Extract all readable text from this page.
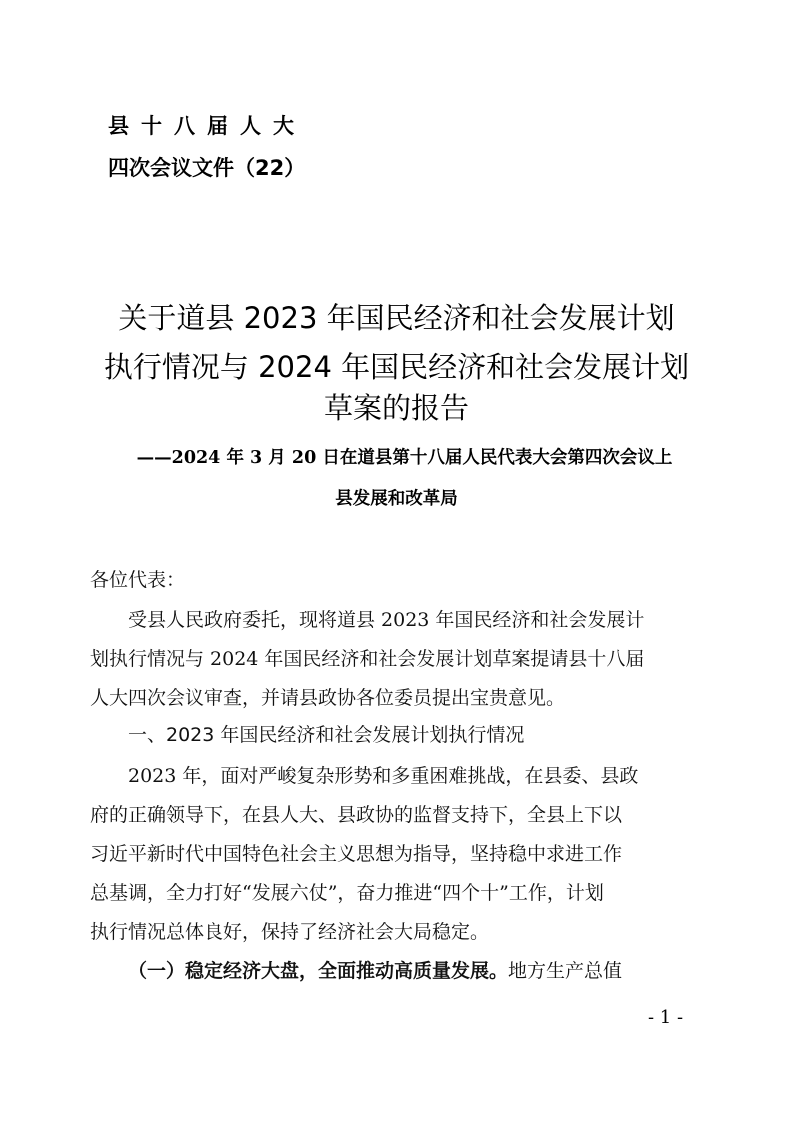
县十八届人大
四次会议文件（22）
关于道县 2023 年国民经济和社会发展计划
执行情况与 2024 年国民经济和社会发展计划
草案的报告
——2024 年 3 月 20 日在道县第十八届人民代表大会第四次会议上
县发展和改革局
各位代表：
受县人民政府委托，现将道县 2023 年国民经济和社会发展计
划执行情况与 2024 年国民经济和社会发展计划草案提请县十八届
人大四次会议审查，并请县政协各位委员提出宝贵意见。
一、2023 年国民经济和社会发展计划执行情况
2023 年，面对严峻复杂形势和多重困难挑战，在县委、县政
府的正确领导下，在县人大、县政协的监督支持下，全县上下以
习近平新时代中国特色社会主义思想为指导，坚持稳中求进工作
总基调，全力打好“发展六仗”，奋力推进“四个十”工作，计划
执行情况总体良好，保持了经济社会大局稳定。
（一）稳定经济大盘，全面推动高质量发展。地方生产总值
- 1 -
